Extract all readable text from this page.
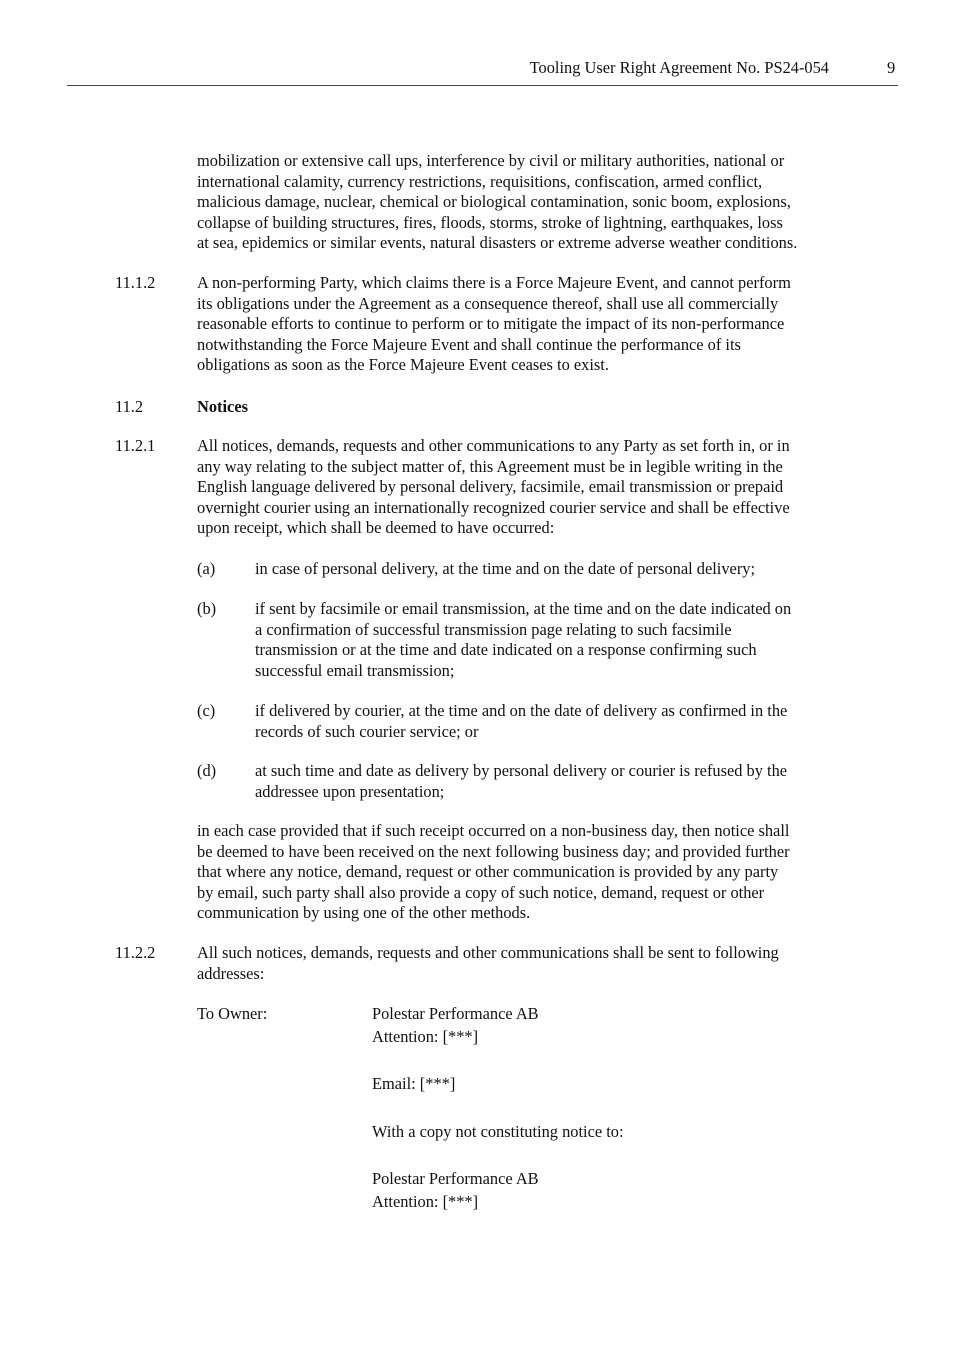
Tooling User Right Agreement No. PS24-054	9
mobilization or extensive call ups, interference by civil or military authorities, national or
international calamity, currency restrictions, requisitions, confiscation, armed conflict,
malicious damage, nuclear, chemical or biological contamination, sonic boom, explosions,
collapse of building structures, fires, floods, storms, stroke of lightning, earthquakes, loss
at sea, epidemics or similar events, natural disasters or extreme adverse weather conditions.
11.1.2	A non-performing Party, which claims there is a Force Majeure Event, and cannot perform
its obligations under the Agreement as a consequence thereof, shall use all commercially
reasonable efforts to continue to perform or to mitigate the impact of its non-performance
notwithstanding the Force Majeure Event and shall continue the performance of its
obligations as soon as the Force Majeure Event ceases to exist.
11.2	Notices
11.2.1	All notices, demands, requests and other communications to any Party as set forth in, or in
any way relating to the subject matter of, this Agreement must be in legible writing in the
English language delivered by personal delivery, facsimile, email transmission or prepaid
overnight courier using an internationally recognized courier service and shall be effective
upon receipt, which shall be deemed to have occurred:
(a) in case of personal delivery, at the time and on the date of personal delivery;
(b) if sent by facsimile or email transmission, at the time and on the date indicated on
a confirmation of successful transmission page relating to such facsimile
transmission or at the time and date indicated on a response confirming such
successful email transmission;
(c) if delivered by courier, at the time and on the date of delivery as confirmed in the
records of such courier service; or
(d) at such time and date as delivery by personal delivery or courier is refused by the
addressee upon presentation;
in each case provided that if such receipt occurred on a non-business day, then notice shall
be deemed to have been received on the next following business day; and provided further
that where any notice, demand, request or other communication is provided by any party
by email, such party shall also provide a copy of such notice, demand, request or other
communication by using one of the other methods.
11.2.2	All such notices, demands, requests and other communications shall be sent to following
addresses:
To Owner:	Polestar Performance AB
Attention: [***]
Email: [***]
With a copy not constituting notice to:
Polestar Performance AB
Attention: [***]
